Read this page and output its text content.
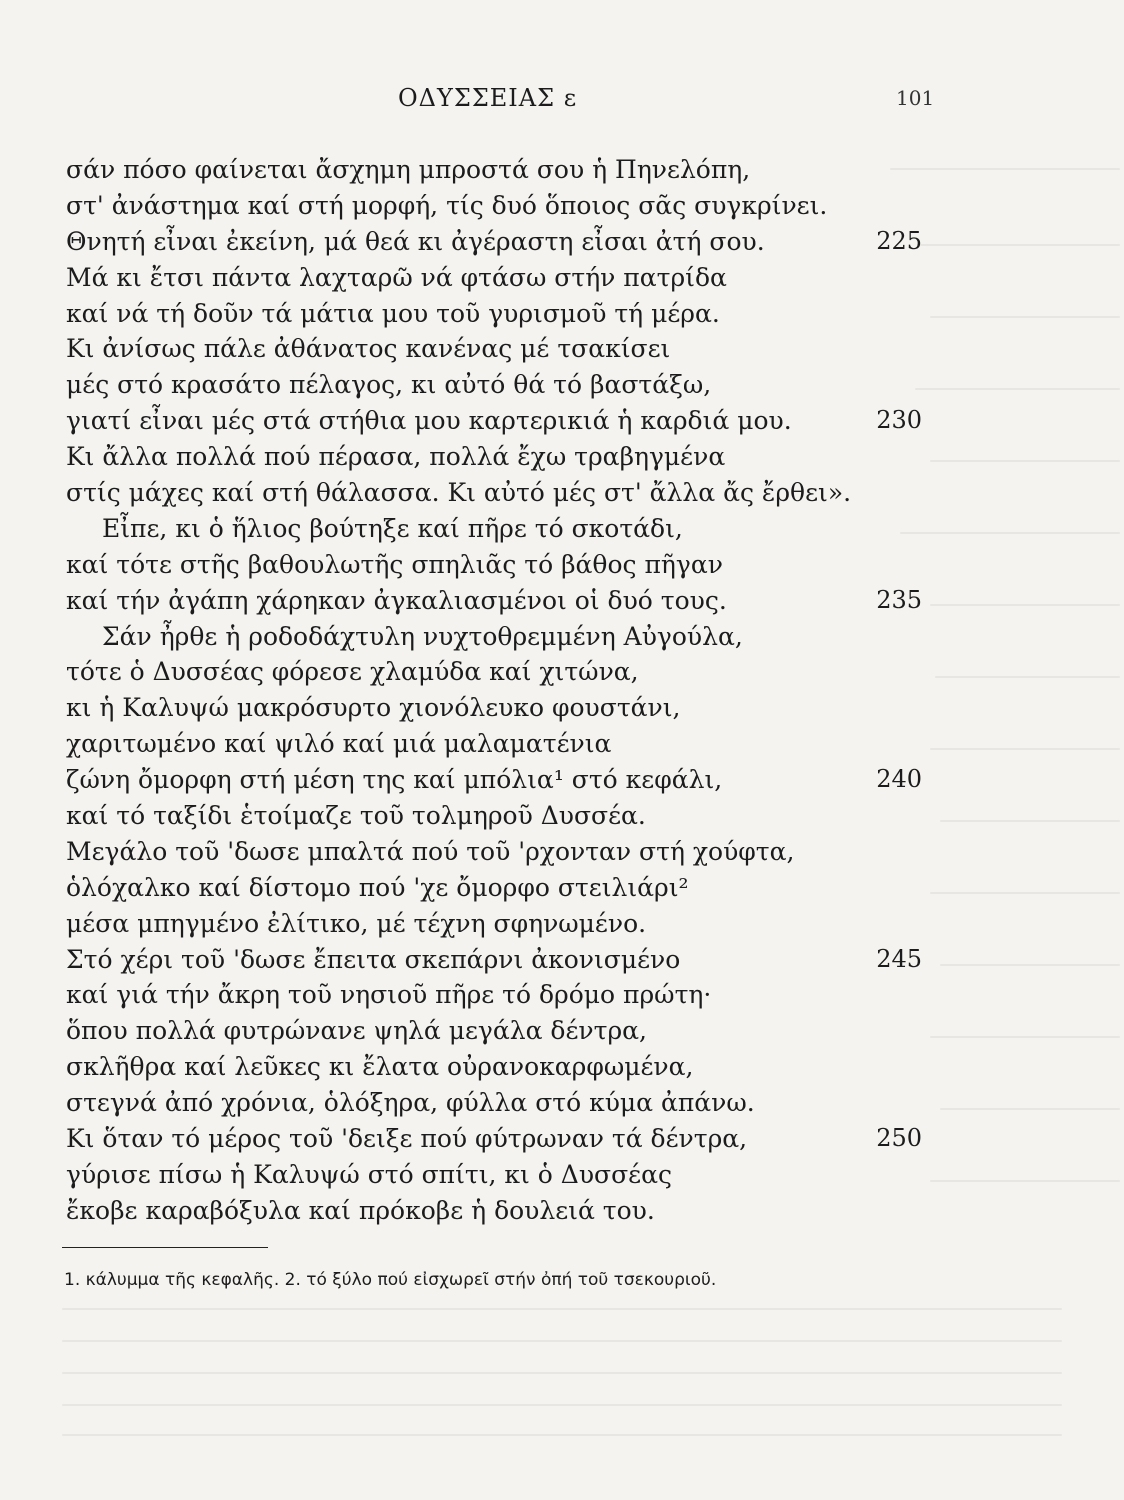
ΟΔΥΣΣΕΙΑΣ ε	101
σάν πόσο φαίνεται ἄσχημη μπροστά σου ἡ Πηνελόπη,
στ' ἀνάστημα καί στή μορφή, τίς δυό ὅποιος σᾶς συγκρίνει.
Θνητή εἶναι ἐκείνη, μά θεά κι ἀγέραστη εἶσαι ἀτή σου.	225
Μά κι ἔτσι πάντα λαχταρῶ νά φτάσω στήν πατρίδα
καί νά τή δοῦν τά μάτια μου τοῦ γυρισμοῦ τή μέρα.
Κι ἀνίσως πάλε ἀθάνατος κανένας μέ τσακίσει
μές στό κρασάτο πέλαγος, κι αὐτό θά τό βαστάξω,
γιατί εἶναι μές στά στήθια μου καρτερικιά ἡ καρδιά μου.	230
Κι ἄλλα πολλά πού πέρασα, πολλά ἔχω τραβηγμένα
στίς μάχες καί στή θάλασσα. Κι αὐτό μές στ' ἄλλα ἄς ἔρθει».
Εἶπε, κι ὁ ἥλιος βούτηξε καί πῆρε τό σκοτάδι,
καί τότε στῆς βαθουλωτῆς σπηλιᾶς τό βάθος πῆγαν
καί τήν ἀγάπη χάρηκαν ἀγκαλιασμένοι οἱ δυό τους.	235
Σάν ἦρθε ἡ ροδοδάχτυλη νυχτοθρεμμένη Αὐγούλα,
τότε ὁ Δυσσέας φόρεσε χλαμύδα καί χιτώνα,
κι ἡ Καλυψώ μακρόσυρτο χιονόλευκο φουστάνι,
χαριτωμένο καί ψιλό καί μιά μαλαματένια
ζώνη ὄμορφη στή μέση της καί μπόλια¹ στό κεφάλι,	240
καί τό ταξίδι ἑτοίμαζε τοῦ τολμηροῦ Δυσσέα.
Μεγάλο τοῦ 'δωσε μπαλτά πού τοῦ 'ρχονταν στή χούφτα,
ὁλόχαλκο καί δίστομο πού 'χε ὄμορφο στειλιάρι²
μέσα μπηγμένο ἐλίτικο, μέ τέχνη σφηνωμένο.
Στό χέρι τοῦ 'δωσε ἔπειτα σκεπάρνι ἀκονισμένο	245
καί γιά τήν ἄκρη τοῦ νησιοῦ πῆρε τό δρόμο πρώτη·
ὅπου πολλά φυτρώνανε ψηλά μεγάλα δέντρα,
σκλῆθρα καί λεῦκες κι ἔλατα οὐρανοκαρφωμένα,
στεγνά ἀπό χρόνια, ὁλόξηρα, φύλλα στό κύμα ἀπάνω.
Κι ὅταν τό μέρος τοῦ 'δειξε πού φύτρωναν τά δέντρα,	250
γύρισε πίσω ἡ Καλυψώ στό σπίτι, κι ὁ Δυσσέας
ἔκοβε καραβόξυλα καί πρόκοβε ἡ δουλειά του.
1. κάλυμμα τῆς κεφαλῆς. 2. τό ξύλο πού εἰσχωρεῖ στήν ὀπή τοῦ τσεκουριοῦ.
